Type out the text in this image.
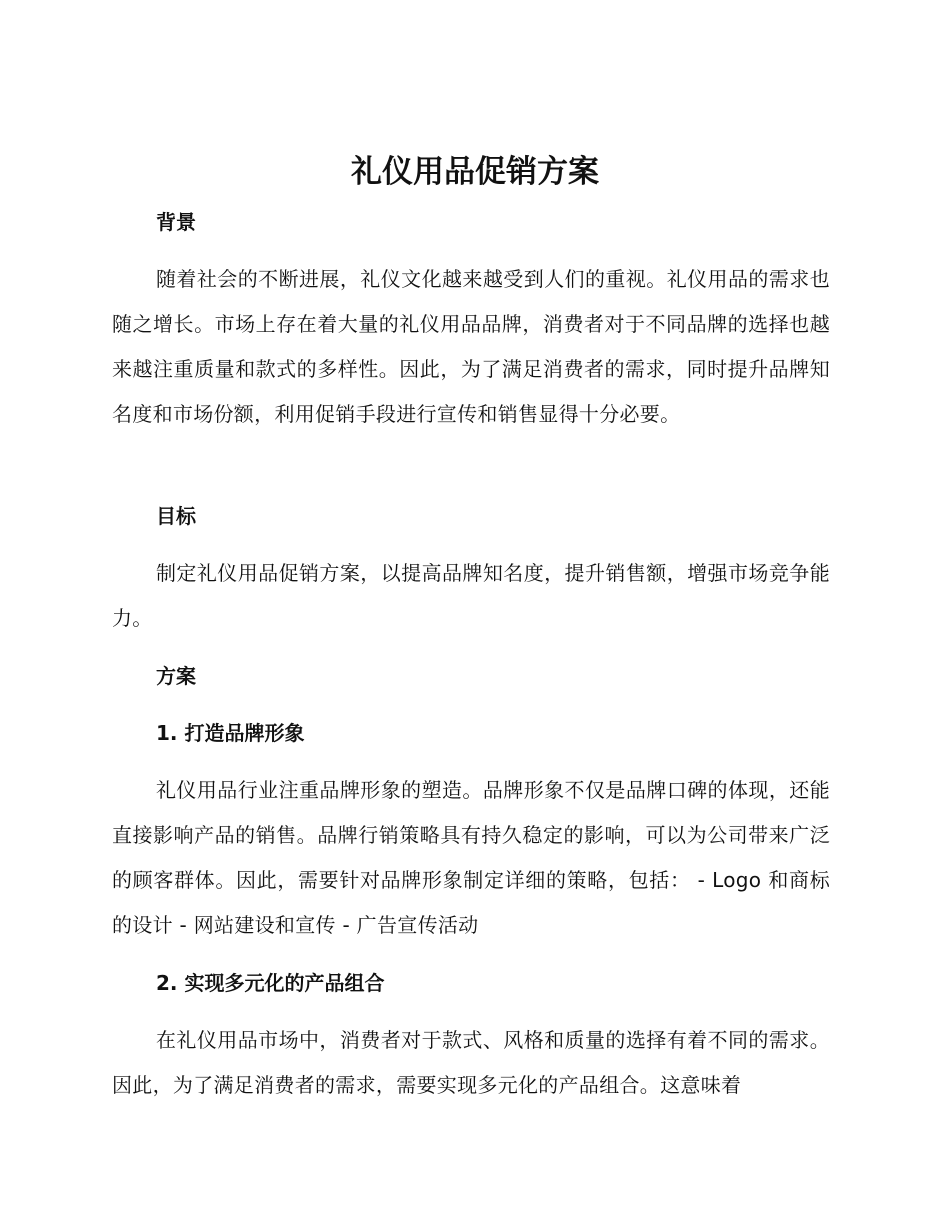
礼仪用品促销方案
背景

随着社会的不断进展，礼仪文化越来越受到人们的重视。礼仪用品的需求也随之增长。市场上存在着大量的礼仪用品品牌，消费者对于不同品牌的选择也越来越注重质量和款式的多样性。因此，为了满足消费者的需求，同时提升品牌知名度和市场份额，利用促销手段进行宣传和销售显得十分必要。

目标

制定礼仪用品促销方案，以提高品牌知名度，提升销售额，增强市场竞争能力。

方案
1. 打造品牌形象

礼仪用品行业注重品牌形象的塑造。品牌形象不仅是品牌口碑的体现，还能直接影响产品的销售。品牌行销策略具有持久稳定的影响，可以为公司带来广泛的顾客群体。因此，需要针对品牌形象制定详细的策略，包括： - Logo 和商标的设计 - 网站建设和宣传 - 广告宣传活动

2. 实现多元化的产品组合

在礼仪用品市场中，消费者对于款式、风格和质量的选择有着不同的需求。因此，为了满足消费者的需求，需要实现多元化的产品组合。这意味着
